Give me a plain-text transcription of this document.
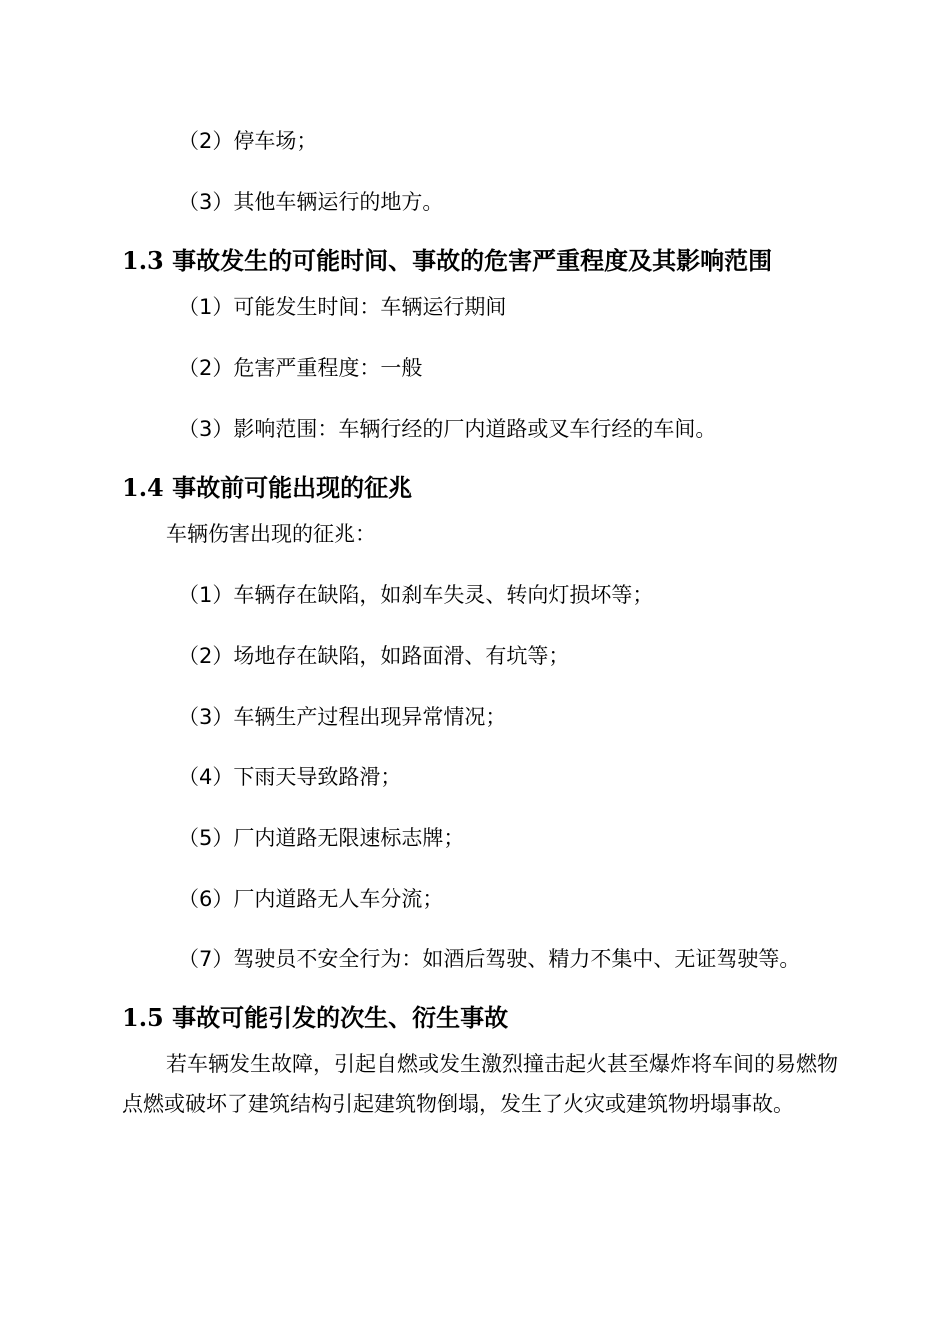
（2）停车场；
（3）其他车辆运行的地方。
1.3 事故发生的可能时间、事故的危害严重程度及其影响范围
（1）可能发生时间：车辆运行期间
（2）危害严重程度：一般
（3）影响范围：车辆行经的厂内道路或叉车行经的车间。
1.4 事故前可能出现的征兆
车辆伤害出现的征兆：
（1）车辆存在缺陷，如刹车失灵、转向灯损坏等；
（2）场地存在缺陷，如路面滑、有坑等；
（3）车辆生产过程出现异常情况；
（4）下雨天导致路滑；
（5）厂内道路无限速标志牌；
（6）厂内道路无人车分流；
（7）驾驶员不安全行为：如酒后驾驶、精力不集中、无证驾驶等。
1.5 事故可能引发的次生、衍生事故
若车辆发生故障，引起自燃或发生激烈撞击起火甚至爆炸将车间的易燃物点燃或破坏了建筑结构引起建筑物倒塌，发生了火灾或建筑物坍塌事故。
